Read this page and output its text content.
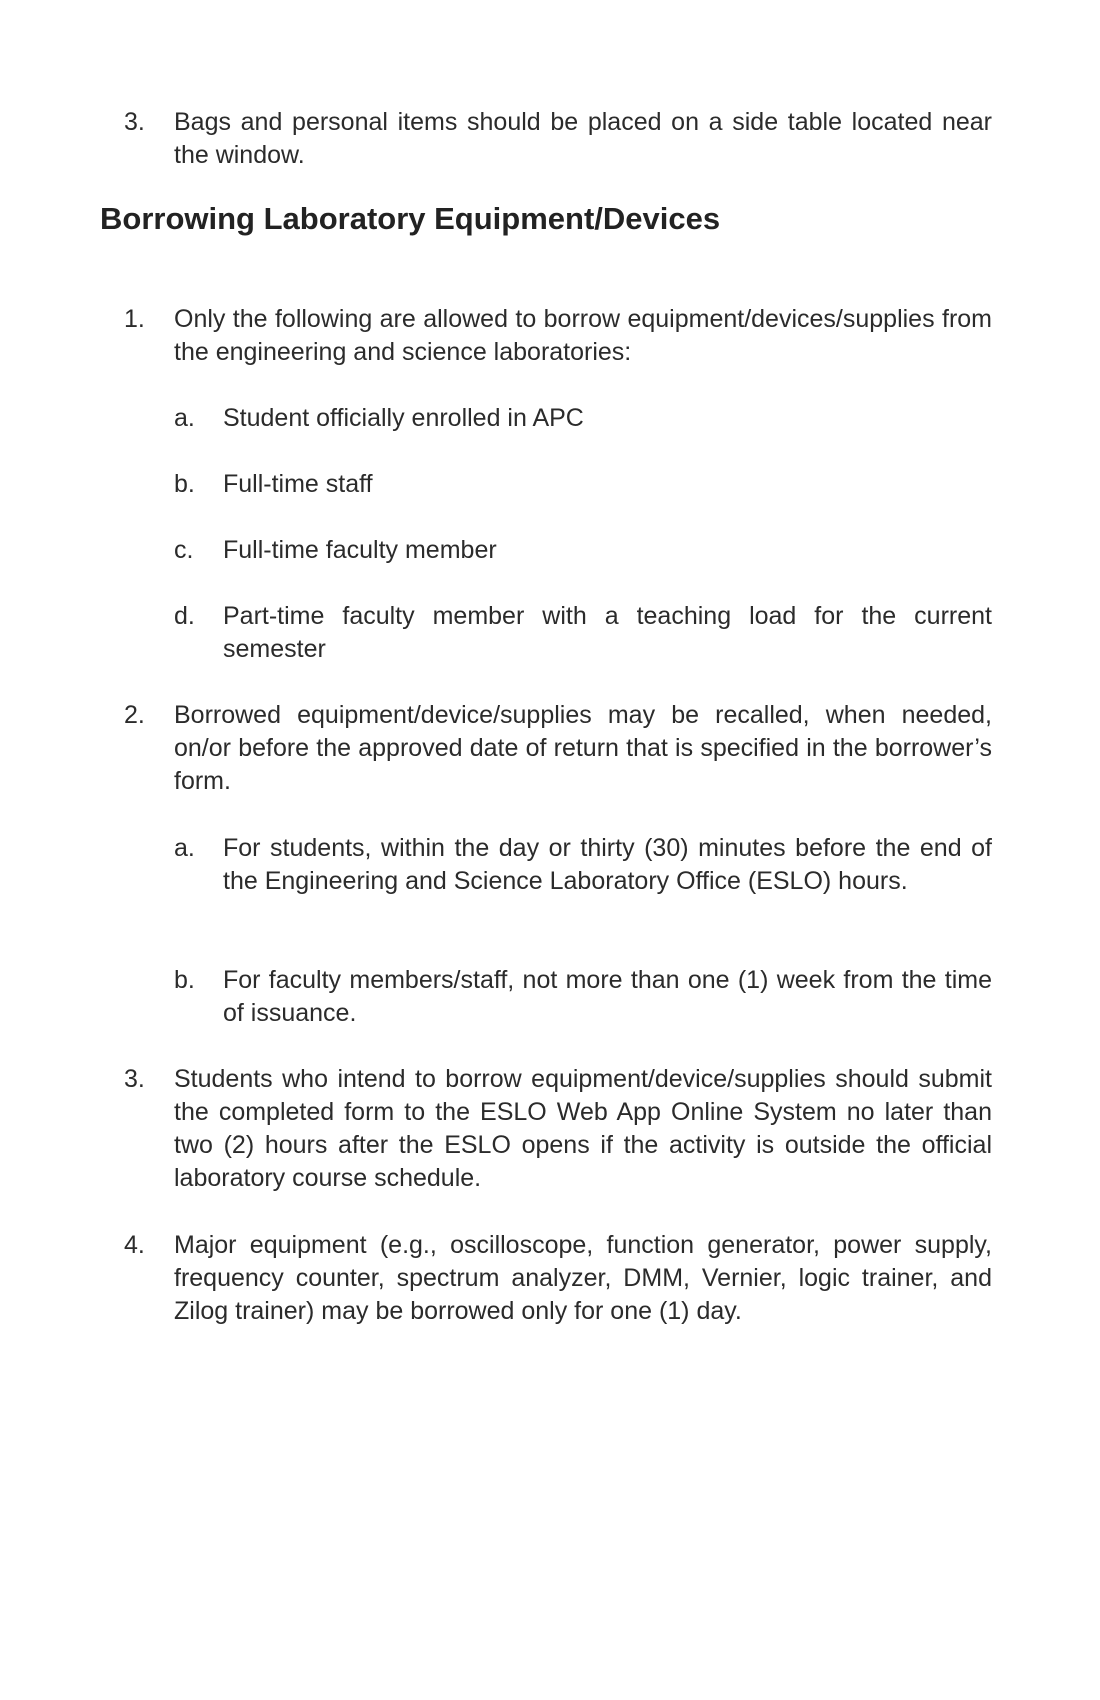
3. Bags and personal items should be placed on a side table located near the window.
Borrowing Laboratory Equipment/Devices
1. Only the following are allowed to borrow equipment/devices/supplies from the engineering and science laboratories:
a. Student officially enrolled in APC
b. Full-time staff
c. Full-time faculty member
d. Part-time faculty member with a teaching load for the current semester
2. Borrowed equipment/device/supplies may be recalled, when needed, on/or before the approved date of return that is specified in the borrower’s form.
a. For students, within the day or thirty (30) minutes before the end of the Engineering and Science Laboratory Office (ESLO) hours.
b. For faculty members/staff, not more than one (1) week from the time of issuance.
3. Students who intend to borrow equipment/device/supplies should submit the completed form to the ESLO Web App Online System no later than two (2) hours after the ESLO opens if the activity is outside the official laboratory course schedule.
4. Major equipment (e.g., oscilloscope, function generator, power supply, frequency counter, spectrum analyzer, DMM, Vernier, logic trainer, and Zilog trainer) may be borrowed only for one (1) day.
